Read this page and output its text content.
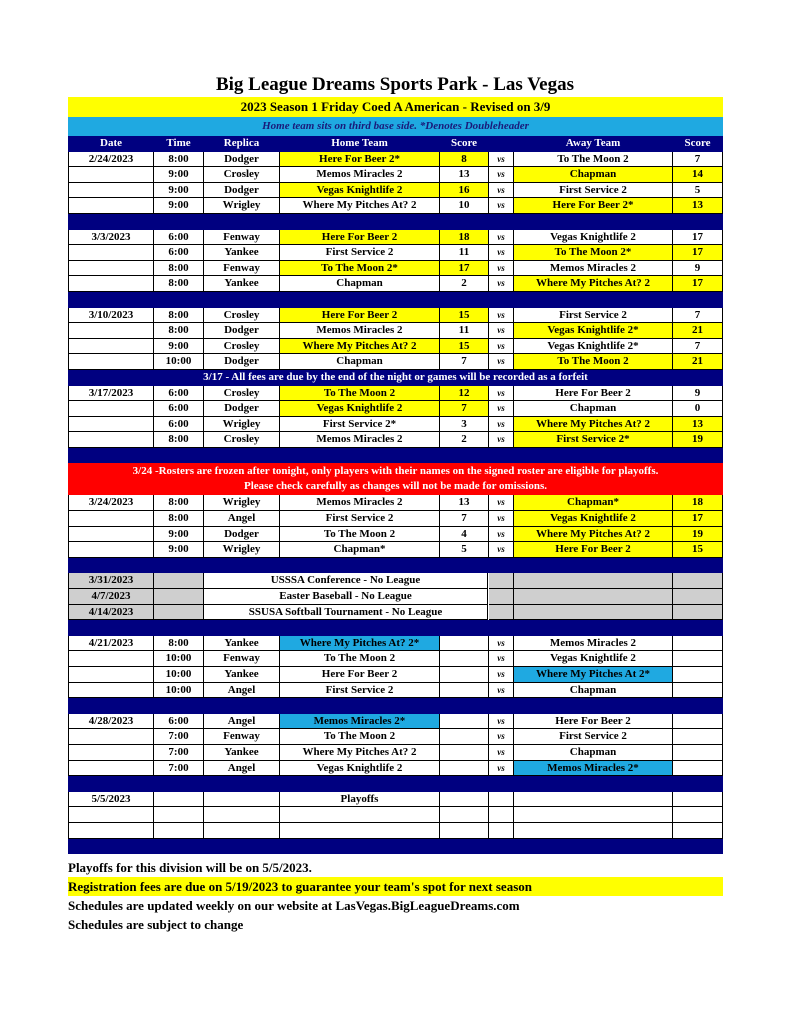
Big League Dreams Sports Park - Las Vegas
2023 Season 1 Friday Coed A American - Revised on 3/9
Home team sits on third base side. *Denotes Doubleheader
Date	Time	Replica	Home Team	Score	Away Team	Score
2/24/2023	8:00	Dodger	Here For Beer 2*	8	vs	To The Moon 2	7
9:00	Crosley	Memos Miracles 2	13	vs	Chapman	14
9:00	Dodger	Vegas Knightlife 2	16	vs	First Service 2	5
9:00	Wrigley	Where My Pitches At? 2	10	vs	Here For Beer 2*	13
3/3/2023	6:00	Fenway	Here For Beer 2	18	vs	Vegas Knightlife 2	17
6:00	Yankee	First Service 2	11	vs	To The Moon 2*	17
8:00	Fenway	To The Moon 2*	17	vs	Memos Miracles 2	9
8:00	Yankee	Chapman	2	vs	Where My Pitches At? 2	17
3/10/2023	8:00	Crosley	Here For Beer 2	15	vs	First Service 2	7
8:00	Dodger	Memos Miracles 2	11	vs	Vegas Knightlife 2*	21
9:00	Crosley	Where My Pitches At? 2	15	vs	Vegas Knightlife 2*	7
10:00	Dodger	Chapman	7	vs	To The Moon 2	21
3/17 - All fees are due by the end of the night or games will be recorded as a forfeit
3/17/2023	6:00	Crosley	To The Moon 2	12	vs	Here For Beer 2	9
6:00	Dodger	Vegas Knightlife 2	7	vs	Chapman	0
6:00	Wrigley	First Service 2*	3	vs	Where My Pitches At? 2	13
8:00	Crosley	Memos Miracles 2	2	vs	First Service 2*	19
3/24 -Rosters are frozen after tonight, only players with their names on the signed roster are eligible for playoffs.
Please check carefully as changes will not be made for omissions.
3/24/2023	8:00	Wrigley	Memos Miracles 2	13	vs	Chapman*	18
8:00	Angel	First Service 2	7	vs	Vegas Knightlife 2	17
9:00	Dodger	To The Moon 2	4	vs	Where My Pitches At? 2	19
9:00	Wrigley	Chapman*	5	vs	Here For Beer 2	15
3/31/2023	USSSA Conference - No League
4/7/2023	Easter Baseball - No League
4/14/2023	SSUSA Softball Tournament - No League
4/21/2023	8:00	Yankee	Where My Pitches At? 2*	vs	Memos Miracles 2
10:00	Fenway	To The Moon 2	vs	Vegas Knightlife 2
10:00	Yankee	Here For Beer 2	vs	Where My Pitches At 2*
10:00	Angel	First Service 2	vs	Chapman
4/28/2023	6:00	Angel	Memos Miracles 2*	vs	Here For Beer 2
7:00	Fenway	To The Moon 2	vs	First Service 2
7:00	Yankee	Where My Pitches At? 2	vs	Chapman
7:00	Angel	Vegas Knightlife 2	vs	Memos Miracles 2*
5/5/2023	Playoffs
Playoffs for this division will be on 5/5/2023.
Registration fees are due on 5/19/2023 to guarantee your team's spot for next season
Schedules are updated weekly on our website at LasVegas.BigLeagueDreams.com
Schedules are subject to change
